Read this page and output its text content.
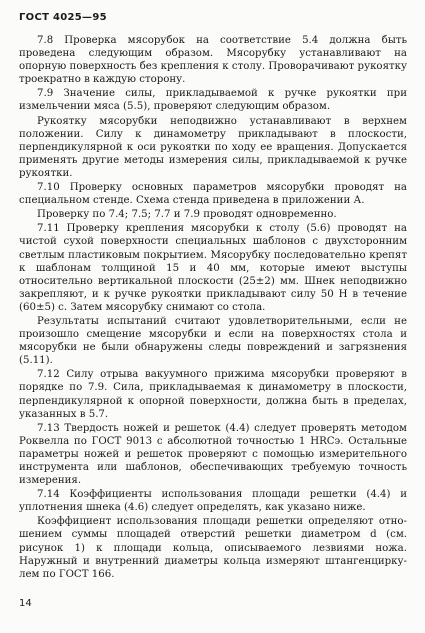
ГОСТ 4025—95

7.8 Проверка мясорубок на соответствие 5.4 должна быть проведена следующим образом. Мясорубку устанавливают на опорную поверхность без крепления к столу. Проворачивают рукоятку троекратно в каждую сторону.

7.9 Значение силы, прикладываемой к ручке рукоятки при измельчении мяса (5.5), проверяют следующим образом.

Рукоятку мясорубки неподвижно устанавливают в верхнем положении. Силу к динамометру прикладывают в плоскости, перпендикулярной к оси рукоятки по ходу ее вращения. Допускается применять другие методы измерения силы, прикладываемой к ручке рукоятки.

7.10 Проверку основных параметров мясорубки проводят на специальном стенде. Схема стенда приведена в приложении А.

Проверку по 7.4; 7.5; 7.7 и 7.9 проводят одновременно.

7.11 Проверку крепления мясорубки к столу (5.6) проводят на чистой сухой поверхности специальных шаблонов с двухсторонним светлым пластиковым покрытием. Мясорубку последовательно крепят к шаблонам толщиной 15 и 40 мм, которые имеют выступы относительно вертикальной плоскости (25±2) мм. Шнек неподвижно закрепляют, и к ручке рукоятки прикладывают силу 50 Н в течение (60±5) с. Затем мясорубку снимают со стола.

Результаты испытаний считают удовлетворительными, если не произошло смещение мясорубки и если на поверхностях стола и мясорубки не были обнаружены следы повреждений и загрязнения (5.11).

7.12 Силу отрыва вакуумного прижима мясорубки проверяют в порядке по 7.9. Сила, прикладываемая к динамометру в плоскости, перпендикулярной к опорной поверхности, должна быть в пределах, указанных в 5.7.

7.13 Твердость ножей и решеток (4.4) следует проверять методом Роквелла по ГОСТ 9013 с абсолютной точностью 1 HRCэ. Остальные параметры ножей и решеток проверяют с помощью измерительного инструмента или шаблонов, обеспечивающих требуемую точность измерения.

7.14 Коэффициенты использования площади решетки (4.4) и уплотнения шнека (4.6) следует определять, как указано ниже.

Коэффициент использования площади решетки определяют отношением суммы площадей отверстий решетки диаметром d (см. рисунок 1) к площади кольца, описываемого лезвиями ножа. Наружный и внутренний диаметры кольца измеряют штангенциркулем по ГОСТ 166.

14
